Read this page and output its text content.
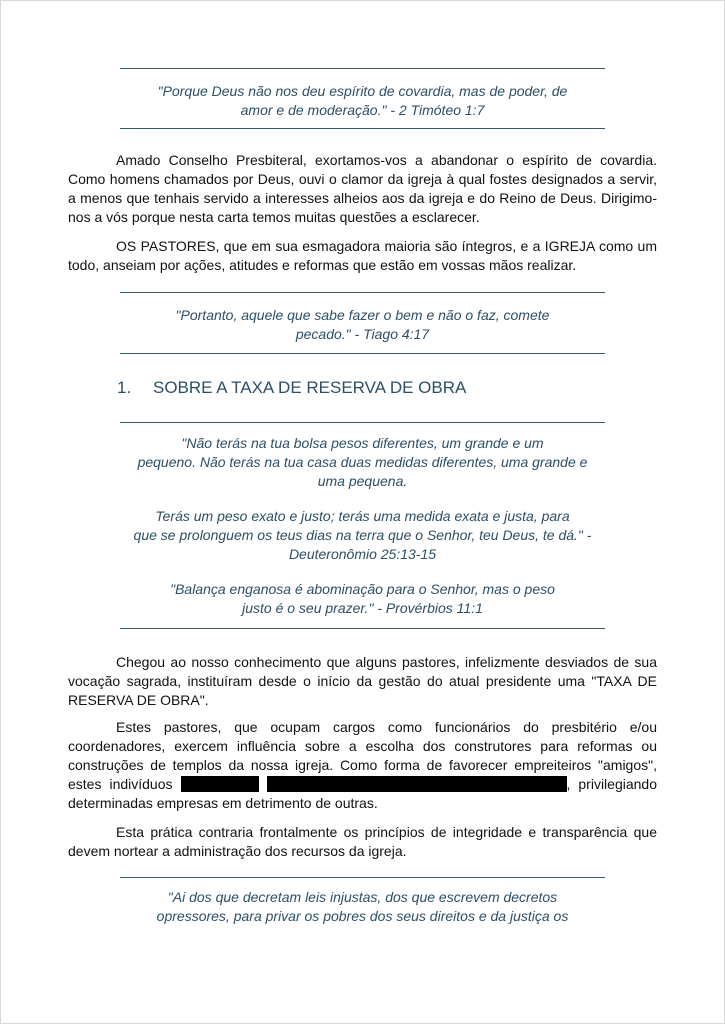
"Porque Deus não nos deu espírito de covardia, mas de poder, de
amor e de moderação." - 2 Timóteo 1:7
Amado Conselho Presbiteral, exortamos-vos a abandonar o espírito de covardia. Como homens chamados por Deus, ouvi o clamor da igreja à qual fostes designados a servir, a menos que tenhais servido a interesses alheios aos da igreja e do Reino de Deus. Dirigimo-nos a vós porque nesta carta temos muitas questões a esclarecer.
OS PASTORES, que em sua esmagadora maioria são íntegros, e a IGREJA como um todo, anseiam por ações, atitudes e reformas que estão em vossas mãos realizar.
"Portanto, aquele que sabe fazer o bem e não o faz, comete
pecado." - Tiago 4:17
1. SOBRE A TAXA DE RESERVA DE OBRA
"Não terás na tua bolsa pesos diferentes, um grande e um
pequeno. Não terás na tua casa duas medidas diferentes, uma grande e
uma pequena.
Terás um peso exato e justo; terás uma medida exata e justa, para
que se prolonguem os teus dias na terra que o Senhor, teu Deus, te dá." -
Deuteronômio 25:13-15
"Balança enganosa é abominação para o Senhor, mas o peso
justo é o seu prazer." - Provérbios 11:1
Chegou ao nosso conhecimento que alguns pastores, infelizmente desviados de sua vocação sagrada, instituíram desde o início da gestão do atual presidente uma "TAXA DE RESERVA DE OBRA".
Estes pastores, que ocupam cargos como funcionários do presbitério e/ou coordenadores, exercem influência sobre a escolha dos construtores para reformas ou construções de templos da nossa igreja. Como forma de favorecer empreiteiros "amigos", estes indivíduos	, privilegiando determinadas empresas em detrimento de outras.
Esta prática contraria frontalmente os princípios de integridade e transparência que devem nortear a administração dos recursos da igreja.
"Ai dos que decretam leis injustas, dos que escrevem decretos
opressores, para privar os pobres dos seus direitos e da justiça os
